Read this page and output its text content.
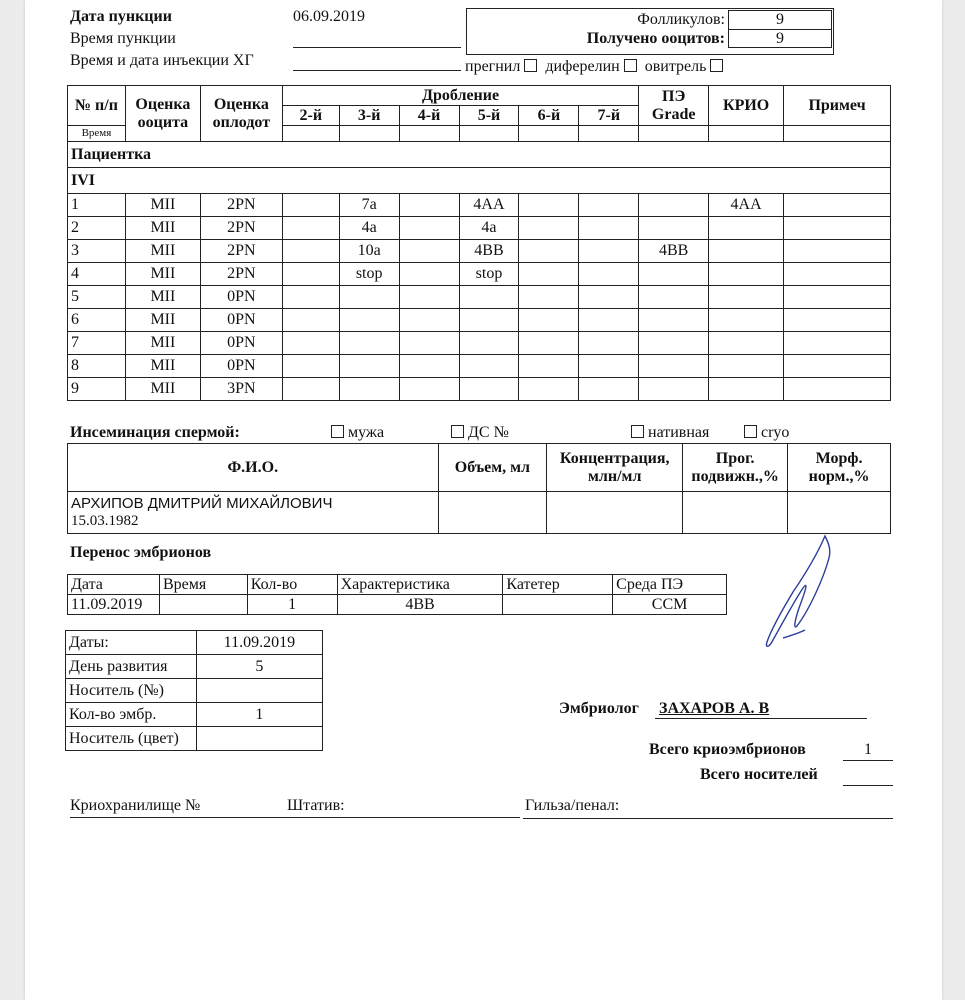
Дата пункции	06.09.2019
Время пункции
Время и дата инъекции ХГ	прегнил диферелин овитрель
Фолликулов:	9
Получено ооцитов:	9
№ п/п	Оценка ооцита	Оценка оплодот	Дробление						ПЭ Grade	КРИО	Примеч
			2-й	3-й	4-й	5-й	6-й	7-й			
Время											
Пациентка											
IVI											
1	MII	2PN		7a		4AA				4AA	
2	MII	2PN		4a		4a					
3	MII	2PN		10a		4BB			4BB		
4	MII	2PN		stop		stop					
5	MII	0PN									
6	MII	0PN									
7	MII	0PN									
8	MII	0PN									
9	MII	3PN									
Инсеминация спермой:	мужа	ДС №	нативная	cryo
Ф.И.О.	Объем, мл	Концентрация, млн/мл	Прог. подвижн.,%	Морф. норм.,%

АРХИПОВ ДМИТРИЙ МИХАЙЛОВИЧ
15.03.1982				

Перенос эмбрионов
Дата	Время	Кол-во	Характеристика	Катетер	Среда ПЭ
11.09.2019		1	4BB		CCM
Даты:	11.09.2019
День развития	5
Носитель (№)	
Кол-во эмбр.	1
Носитель (цвет)	
Эмбриолог ЗАХАРОВ А. В
Всего криоэмбрионов	1
Всего носителей
Криохранилище №	Штатив:	Гильза/пенал:
